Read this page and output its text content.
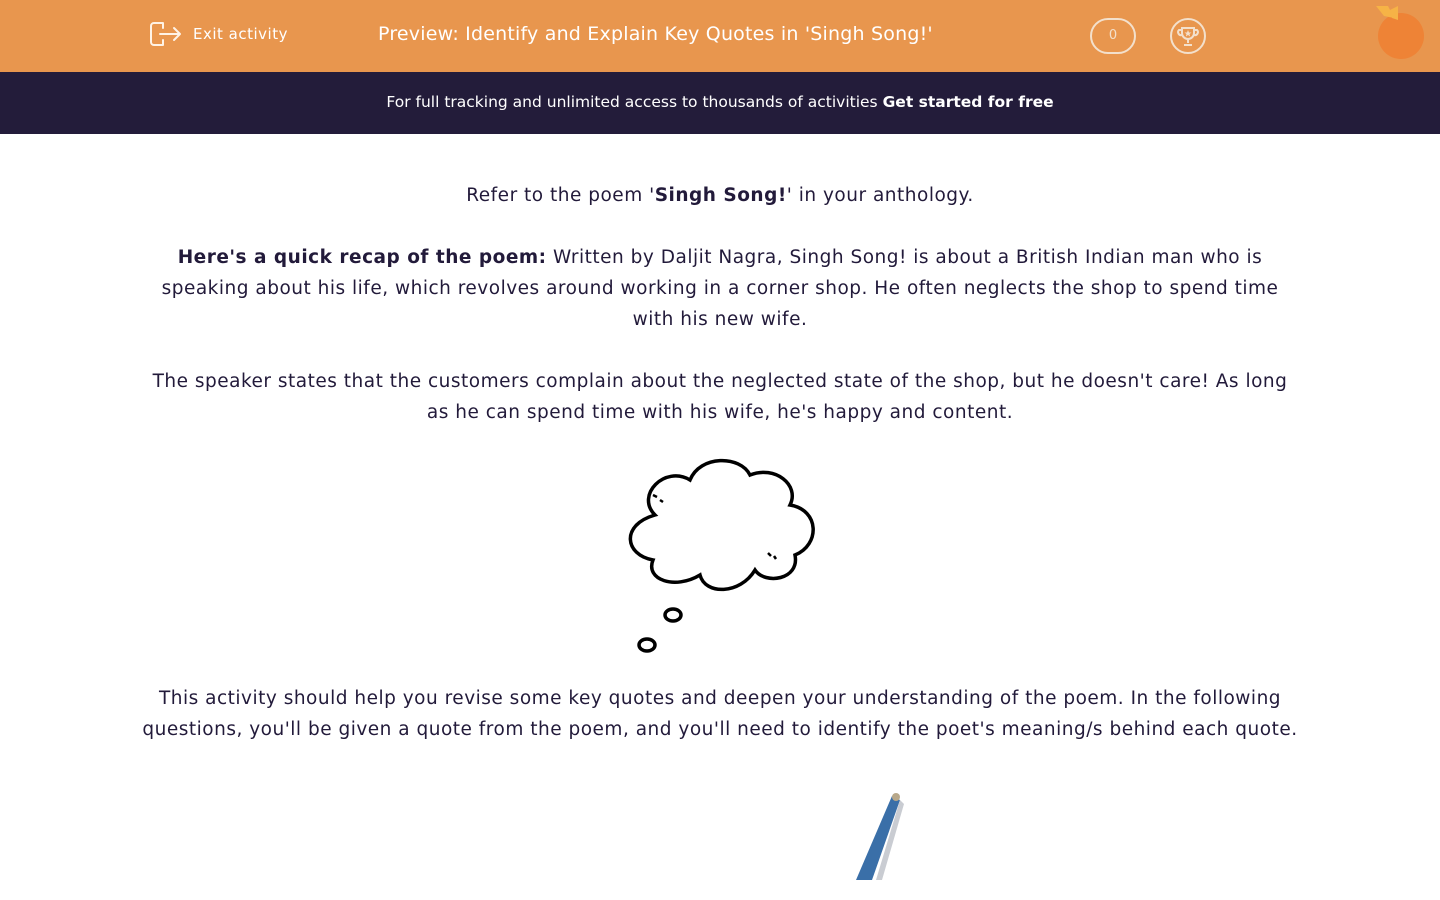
Exit activity	Preview: Identify and Explain Key Quotes in 'Singh Song!'	0
For full tracking and unlimited access to thousands of activities Get started for free

Refer to the poem 'Singh Song!' in your anthology.

Here's a quick recap of the poem: Written by Daljit Nagra, Singh Song! is about a British Indian man who is speaking about his life, which revolves around working in a corner shop. He often neglects the shop to spend time with his new wife.

The speaker states that the customers complain about the neglected state of the shop, but he doesn't care! As long as he can spend time with his wife, he's happy and content.

This activity should help you revise some key quotes and deepen your understanding of the poem. In the following questions, you'll be given a quote from the poem, and you'll need to identify the poet's meaning/s behind each quote.
